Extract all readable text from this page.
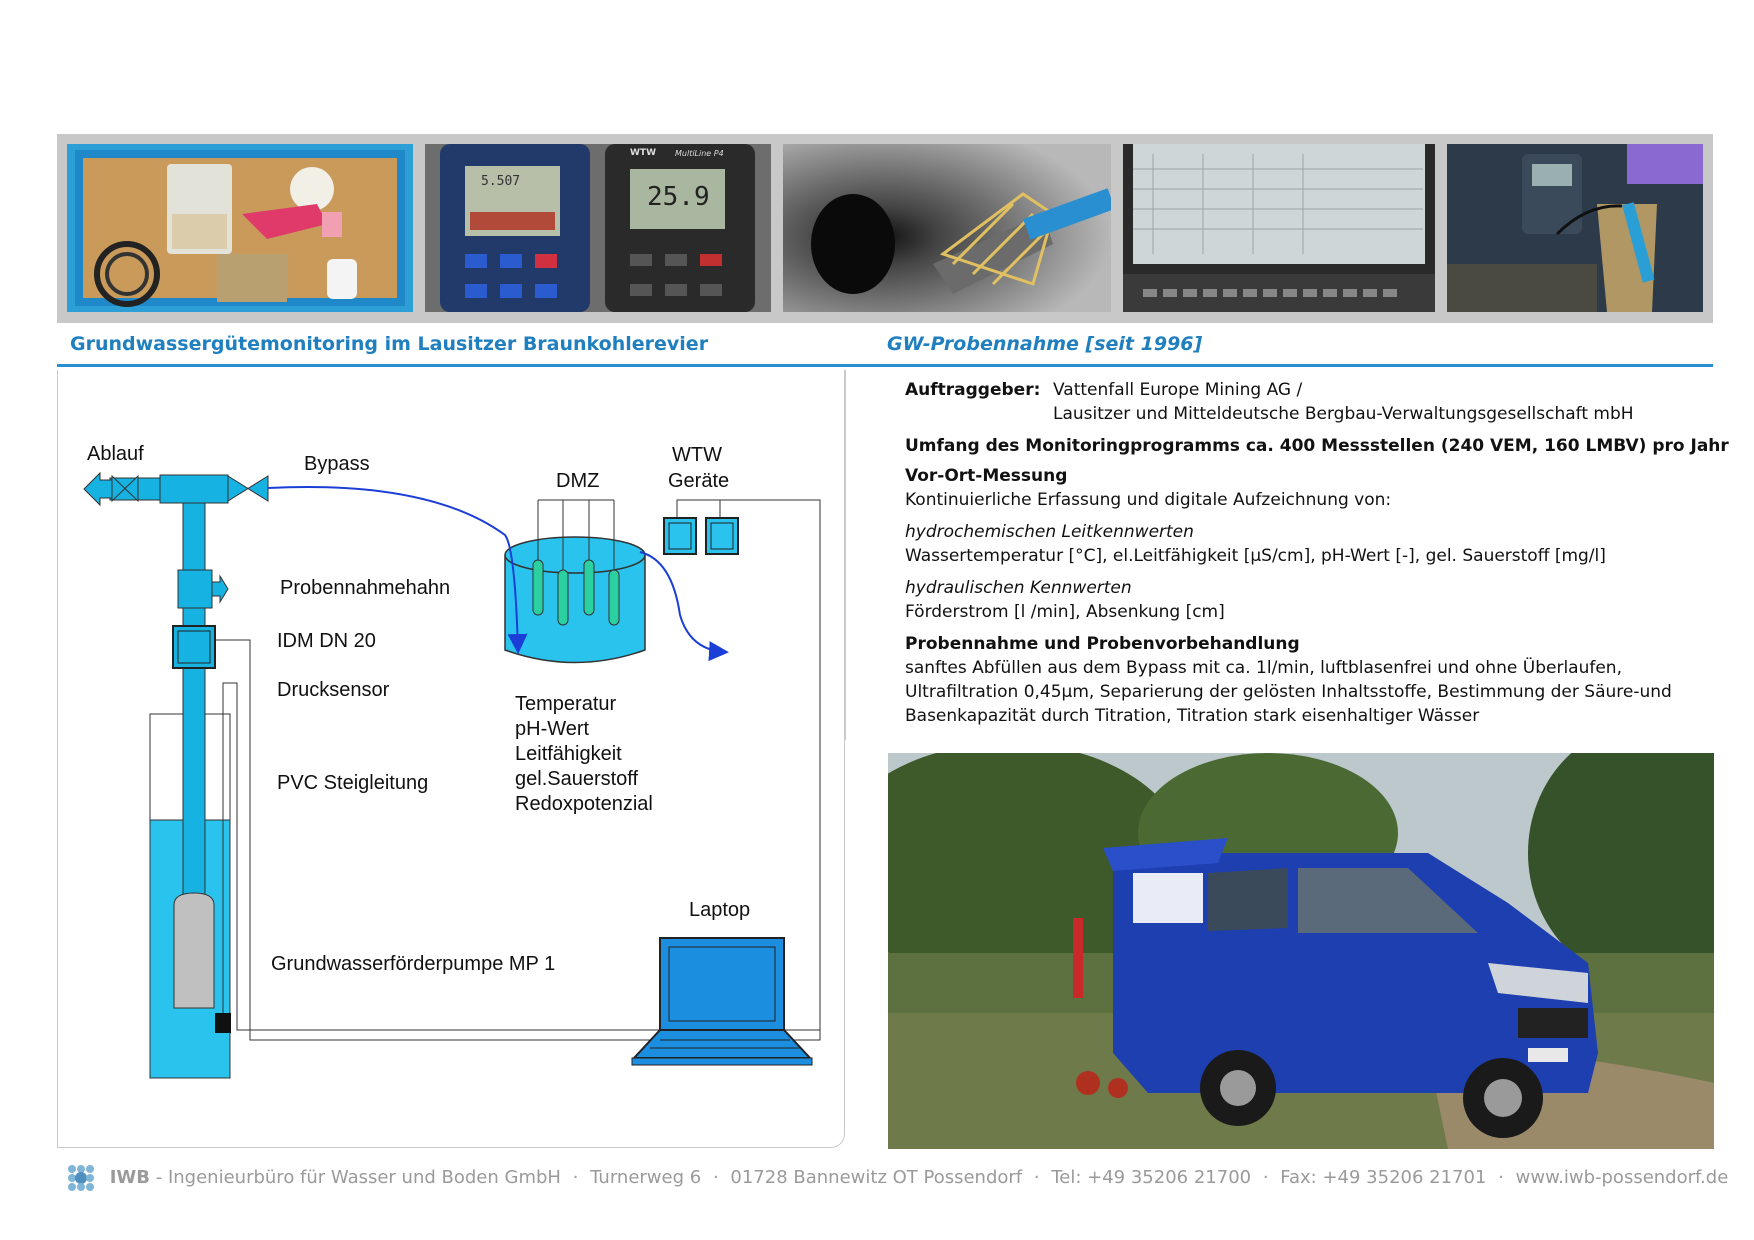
5.507
WTW MultiLine P4
25.9
Grundwassergütemonitoring im Lausitzer Braunkohlerevier	GW-Probennahme [seit 1996]
Ablauf	Bypass
DMZ
WTW
Geräte
Probennahmehahn
IDM DN 20
Drucksensor
PVC Steigleitung
Grundwasserförderpumpe MP 1
Laptop
Temperatur
pH-Wert
Leitfähigkeit
gel.Sauerstoff
Redoxpotenzial
Auftraggeber: Vattenfall Europe Mining AG /
Lausitzer und Mitteldeutsche Bergbau-Verwaltungsgesellschaft mbH
Umfang des Monitoringprogramms ca. 400 Messstellen (240 VEM, 160 LMBV) pro Jahr
Vor-Ort-Messung
Kontinuierliche Erfassung und digitale Aufzeichnung von:
hydrochemischen Leitkennwerten
Wassertemperatur [°C], el.Leitfähigkeit [µS/cm], pH-Wert [-], gel. Sauerstoff [mg/l]
hydraulischen Kennwerten
Förderstrom [l /min], Absenkung [cm]
Probennahme und Probenvorbehandlung
sanftes Abfüllen aus dem Bypass mit ca. 1l/min, luftblasenfrei und ohne Überlaufen,
Ultrafiltration 0,45µm, Separierung der gelösten Inhaltsstoffe, Bestimmung der Säure-und
Basenkapazität durch Titration, Titration stark eisenhaltiger Wässer
IWB - Ingenieurbüro für Wasser und Boden GmbH · Turnerweg 6 · 01728 Bannewitz OT Possendorf · Tel: +49 35206 21700 · Fax: +49 35206 21701 · www.iwb-possendorf.de
